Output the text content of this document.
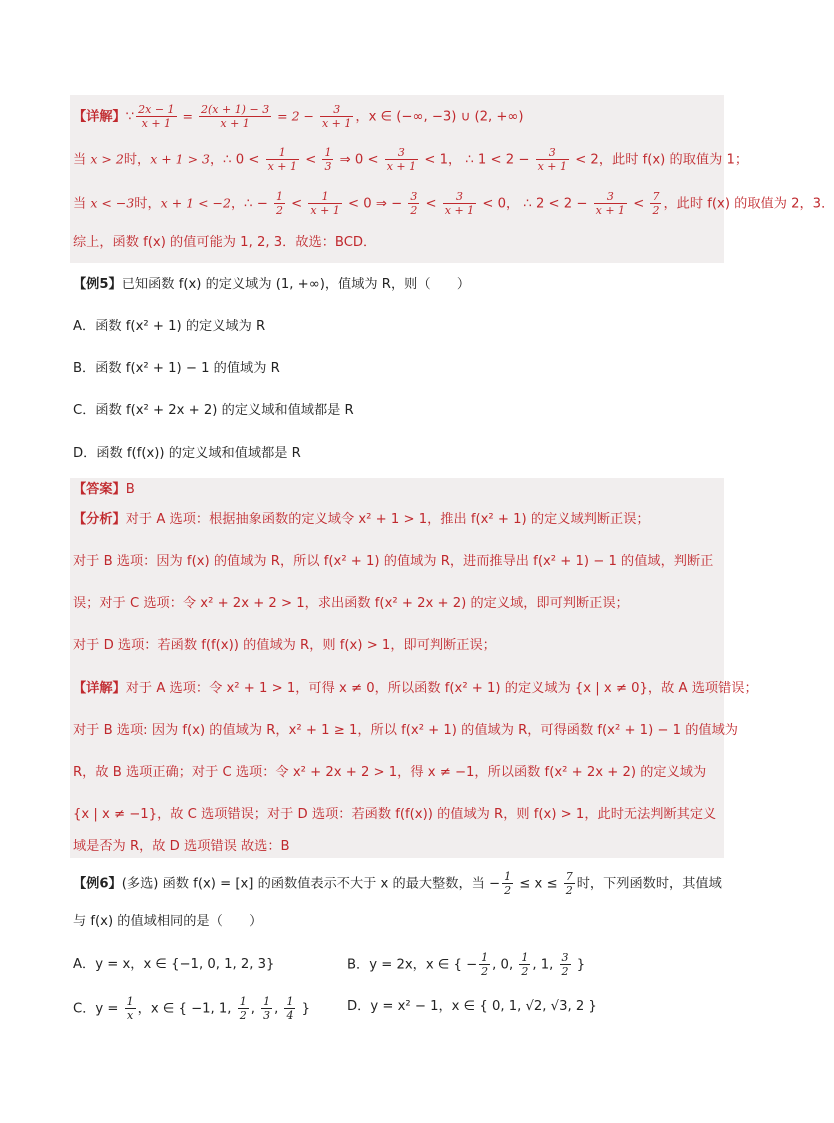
【详解】∵ $\frac{2x - 1}{x + 1} = \frac{2(x + 1) - 3}{x + 1} = 2 - \frac{3}{x + 1}$ ，x ∈ (−∞, −3) ∪ (2, +∞)
当 x > 2时，x + 1 > 3，∴ $0 < \frac{1}{x + 1} < \frac{1}{3}$ ⇒ $0 < \frac{3}{x + 1} < 1$， ∴ $1 < 2 - \frac{3}{x + 1} < 2$，此时 f(x) 的取值为 1；
当 x < −3时，x + 1 < −2，∴ − $\frac{1}{2} < \frac{1}{x + 1} < 0$ ⇒ − $\frac{3}{2} < \frac{3}{x + 1} < 0$， ∴ $2 < 2 - \frac{3}{x + 1} < \frac{7}{2}$ ，此时 f(x) 的取值为 2，3．
综上，函数 f(x) 的值可能为 1, 2, 3．故选：BCD．
【例5】已知函数 f(x) 的定义域为 (1, +∞)，值域为 R，则（　　）
A．函数 f(x² + 1) 的定义域为 R
B．函数 f(x² + 1) − 1 的值域为 R
C．函数 f(x² + 2x + 2) 的定义域和值域都是 R
D．函数 f(f(x)) 的定义域和值域都是 R
【答案】B
【分析】对于 A 选项：根据抽象函数的定义域令 x² + 1 > 1，推出 f(x² + 1) 的定义域判断正误；
对于 B 选项：因为 f(x) 的值域为 R，所以 f(x² + 1) 的值域为 R，进而推导出 f(x² + 1) − 1 的值域，判断正
误；对于 C 选项：令 x² + 2x + 2 > 1，求出函数 f(x² + 2x + 2) 的定义域，即可判断正误；
对于 D 选项：若函数 f(f(x)) 的值域为 R，则 f(x) > 1，即可判断正误；
【详解】对于 A 选项：令 x² + 1 > 1，可得 x ≠ 0，所以函数 f(x² + 1) 的定义域为 {x | x ≠ 0}，故 A 选项错误；
对于 B 选项: 因为 f(x) 的值域为 R，x² + 1 ≥ 1，所以 f(x² + 1) 的值域为 R，可得函数 f(x² + 1) − 1 的值域为
R，故 B 选项正确；对于 C 选项：令 x² + 2x + 2 > 1，得 x ≠ −1，所以函数 f(x² + 2x + 2) 的定义域为
{x | x ≠ −1}，故 C 选项错误；对于 D 选项：若函数 f(f(x)) 的值域为 R，则 f(x) > 1，此时无法判断其定义
域是否为 R，故 D 选项错误 故选：B
【例6】(多选) 函数 f(x) = [x] 的函数值表示不大于 x 的最大整数，当 − $\frac{1}{2} \le x \le \frac{7}{2}$ 时，下列函数时，其值域
与 f(x) 的值域相同的是（　　）
A．y = x，x ∈ {−1, 0, 1, 2, 3}	B．y = 2x，x ∈ { − $\frac{1}{2}$ , 0, $\frac{1}{2}$ , 1, $\frac{3}{2}$ }
C．$y = \frac{1}{x}$ ，x ∈ { −1, 1, $\frac{1}{2}$ , $\frac{1}{3}$ , $\frac{1}{4}$ }	D．y = x² − 1，x ∈ { 0, 1, √2, √3, 2 }
